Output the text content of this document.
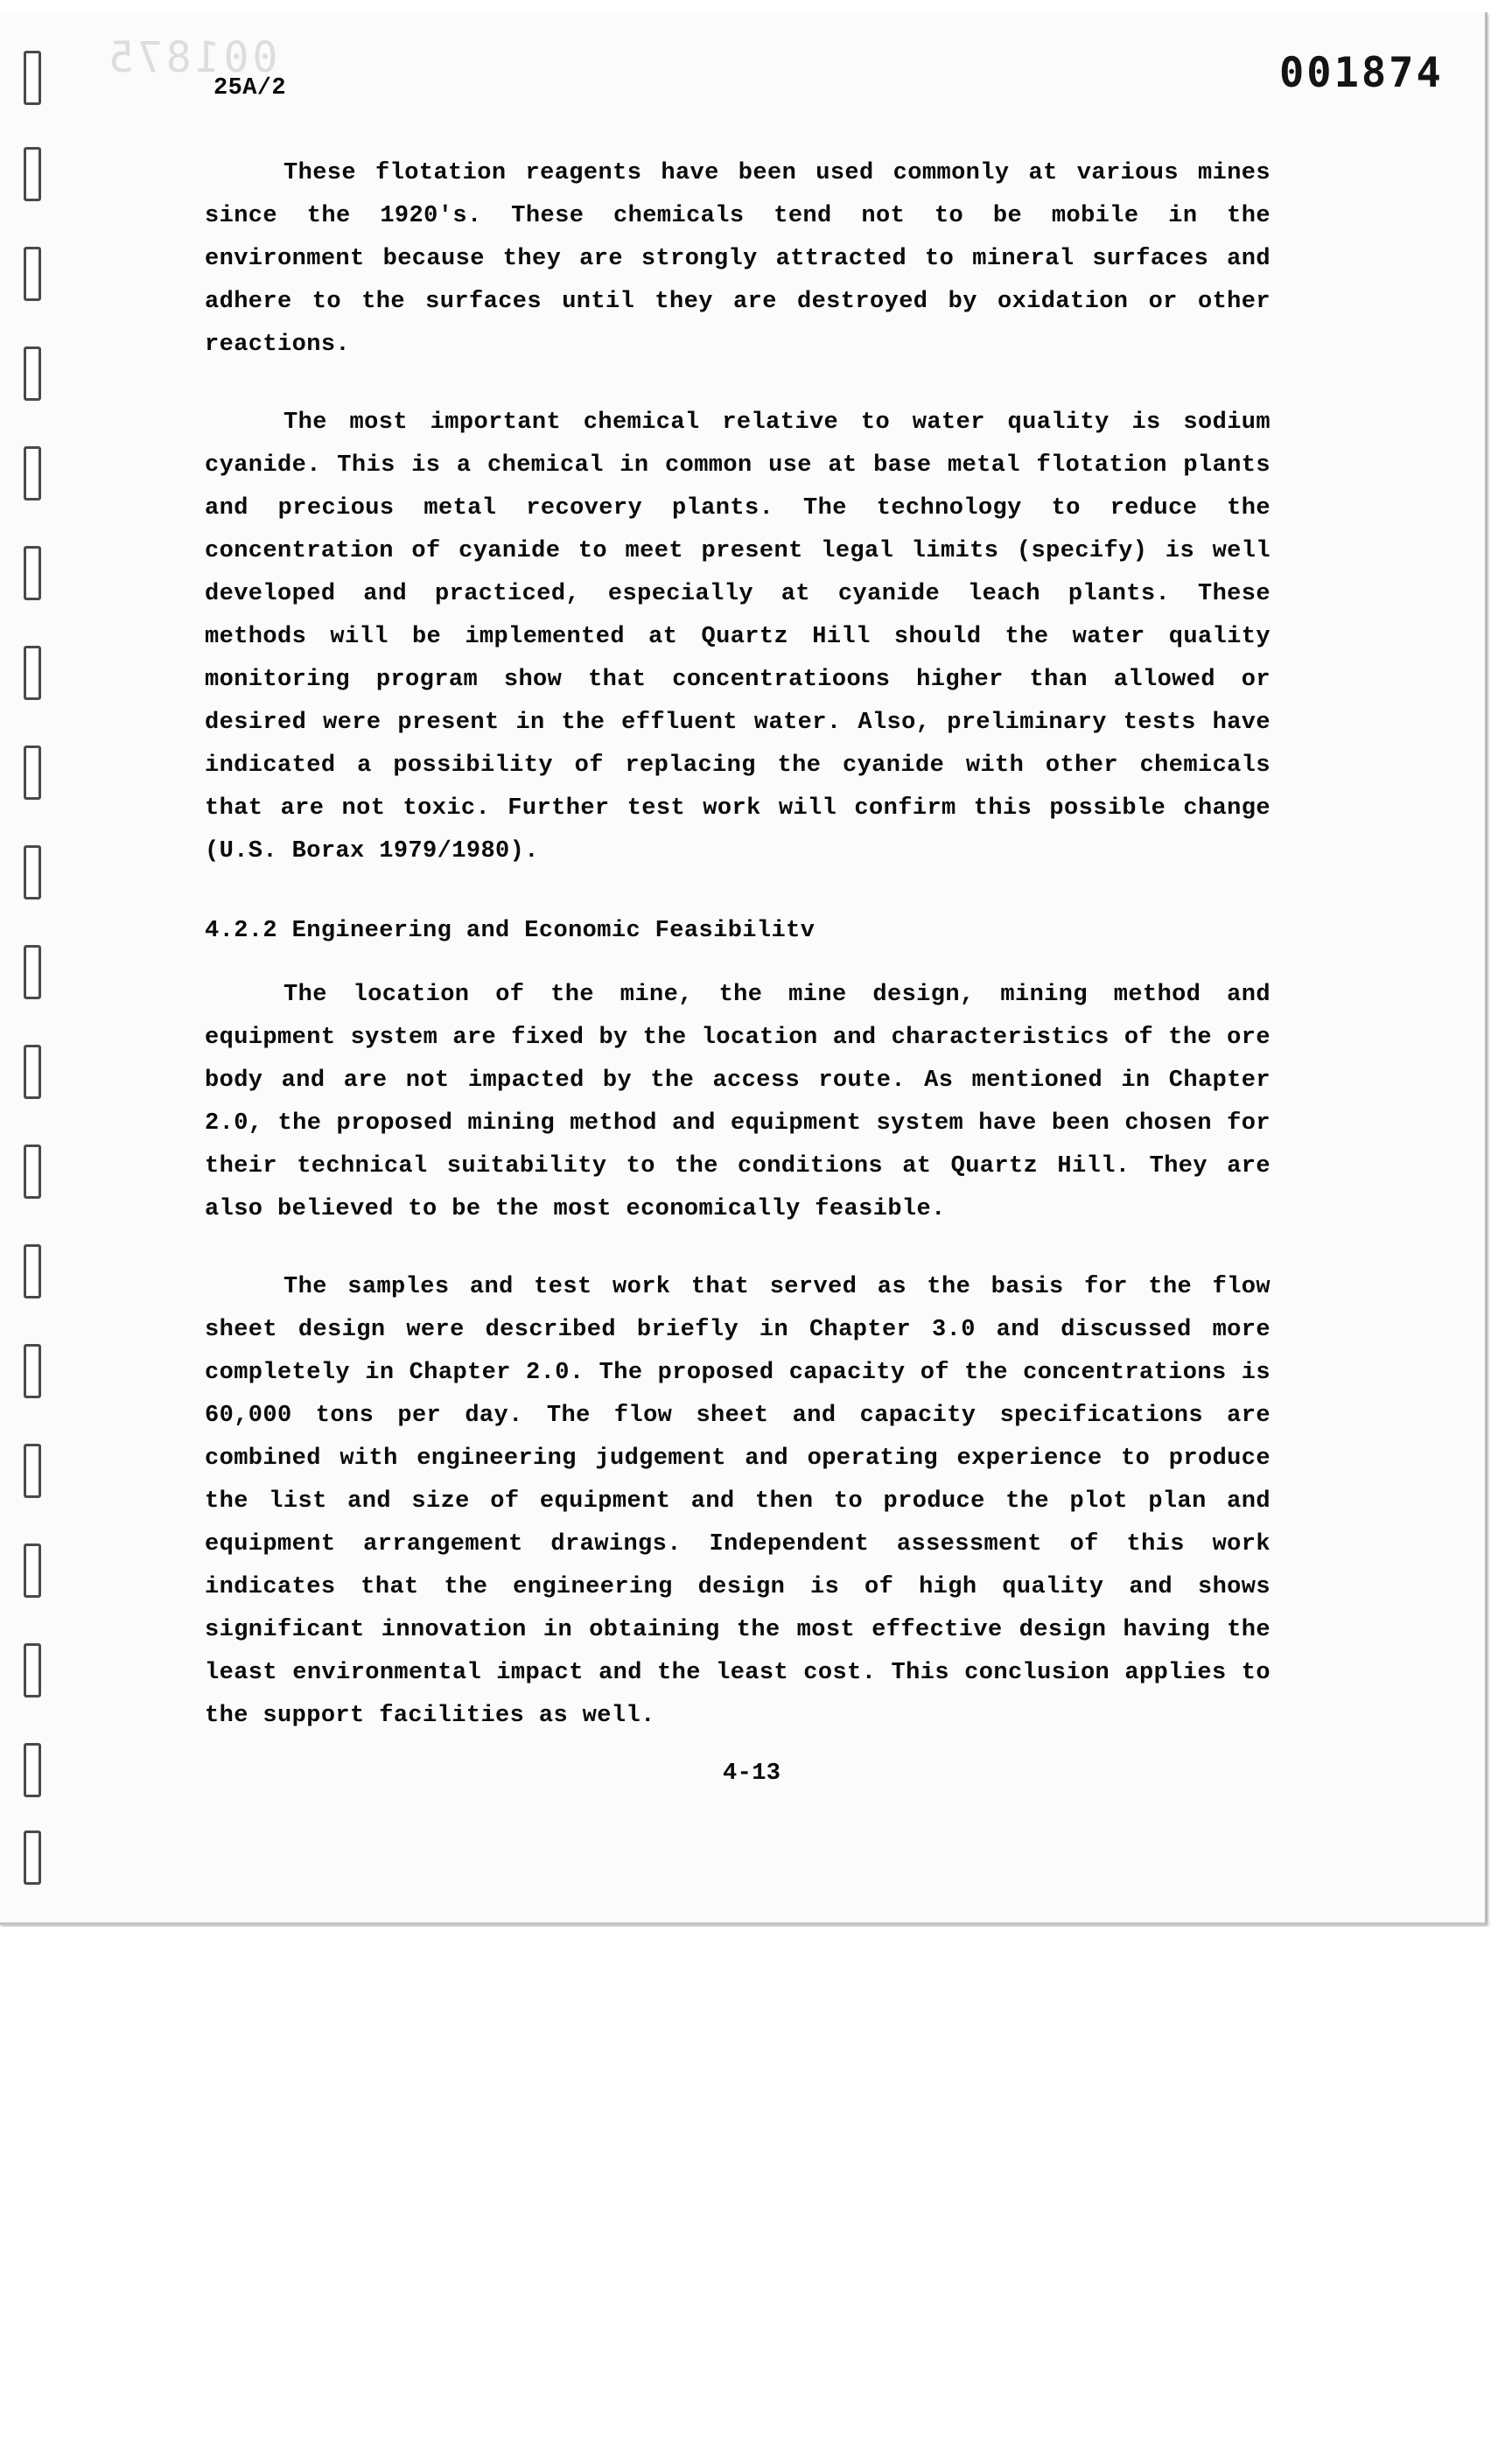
001875
25A/2	001874

These flotation reagents have been used commonly at various mines since the 1920's. These chemicals tend not to be mobile in the environment because they are strongly attracted to mineral surfaces and adhere to the surfaces until they are destroyed by oxidation or other reactions.

The most important chemical relative to water quality is sodium cyanide. This is a chemical in common use at base metal flotation plants and precious metal recovery plants. The technology to reduce the concentration of cyanide to meet present legal limits (specify) is well developed and practiced, especially at cyanide leach plants. These methods will be implemented at Quartz Hill should the water quality monitoring program show that concentratioons higher than allowed or desired were present in the effluent water. Also, preliminary tests have indicated a possibility of replacing the cyanide with other chemicals that are not toxic. Further test work will confirm this possible change (U.S. Borax 1979/1980).

4.2.2 Engineering and Economic Feasibilitv

The location of the mine, the mine design, mining method and equipment system are fixed by the location and characteristics of the ore body and are not impacted by the access route. As mentioned in Chapter 2.0, the proposed mining method and equipment system have been chosen for their technical suitability to the conditions at Quartz Hill. They are also believed to be the most economically feasible.

The samples and test work that served as the basis for the flow sheet design were described briefly in Chapter 3.0 and discussed more completely in Chapter 2.0. The proposed capacity of the concentrations is 60,000 tons per day. The flow sheet and capacity specifications are combined with engineering judgement and operating experience to produce the list and size of equipment and then to produce the plot plan and equipment arrangement drawings. Independent assessment of this work indicates that the engineering design is of high quality and shows significant innovation in obtaining the most effective design having the least environmental impact and the least cost. This conclusion applies to the support facilities as well.

4-13
